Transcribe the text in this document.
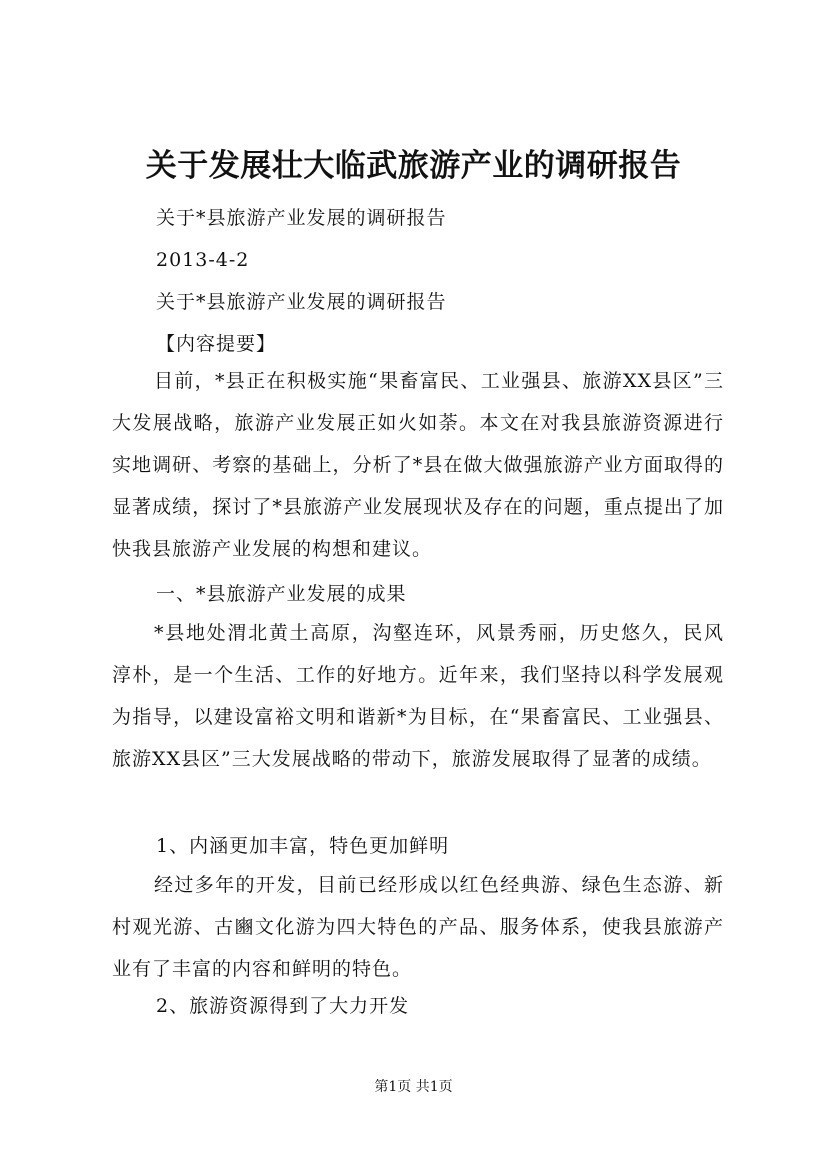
关于发展壮大临武旅游产业的调研报告
关于*县旅游产业发展的调研报告
2013-4-2
关于*县旅游产业发展的调研报告
【内容提要】
目前，*县正在积极实施“果畜富民、工业强县、旅游XX县区”三大发展战略，旅游产业发展正如火如荼。本文在对我县旅游资源进行实地调研、考察的基础上，分析了*县在做大做强旅游产业方面取得的显著成绩，探讨了*县旅游产业发展现状及存在的问题，重点提出了加快我县旅游产业发展的构想和建议。
一、*县旅游产业发展的成果
*县地处渭北黄土高原，沟壑连环，风景秀丽，历史悠久，民风淳朴，是一个生活、工作的好地方。近年来，我们坚持以科学发展观为指导，以建设富裕文明和谐新*为目标，在“果畜富民、工业强县、旅游XX县区”三大发展战略的带动下，旅游发展取得了显著的成绩。
1、内涵更加丰富，特色更加鲜明
经过多年的开发，目前已经形成以红色经典游、绿色生态游、新村观光游、古豳文化游为四大特色的产品、服务体系，使我县旅游产业有了丰富的内容和鲜明的特色。
2、旅游资源得到了大力开发
第1页 共1页
